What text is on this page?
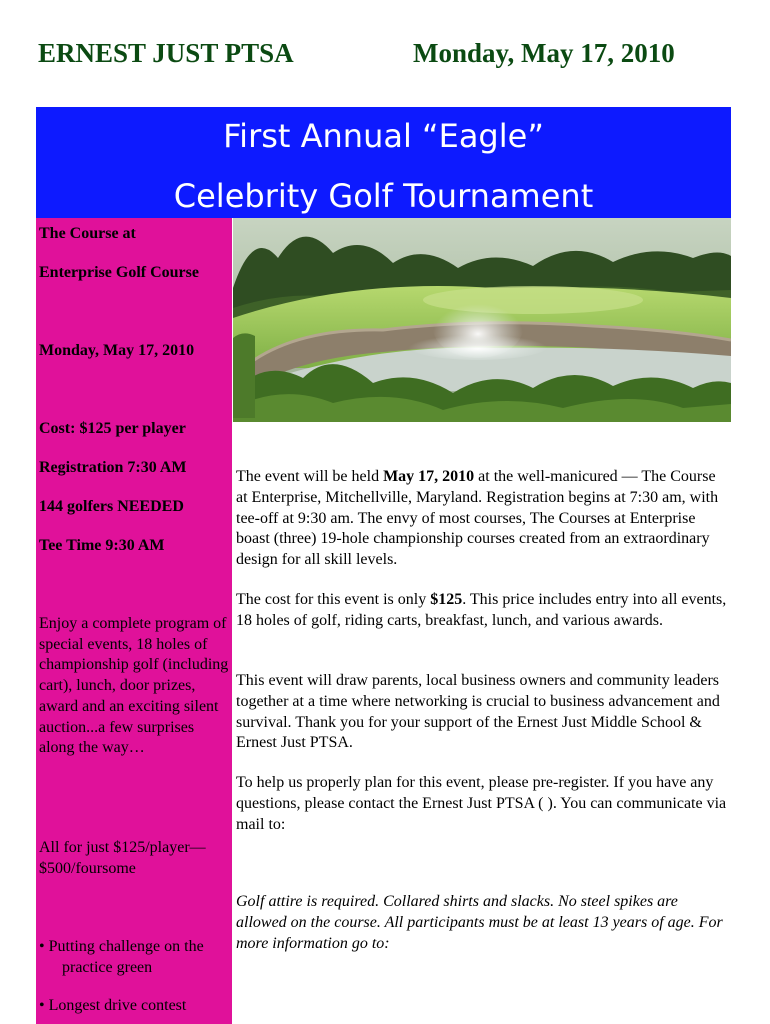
ERNEST JUST PTSA	Monday, May 17, 2010
First Annual “Eagle”
Celebrity Golf Tournament
The Course at
Enterprise Golf Course
Monday, May 17, 2010
Cost: $125 per player
Registration 7:30 AM
144 golfers NEEDED
Tee Time 9:30 AM
Enjoy a complete program of special events, 18 holes of championship golf (including cart), lunch, door prizes, award and an exciting silent auction...a few surprises along the way…
All for just $125/player—$500/foursome
• Putting challenge on the
practice green
• Longest drive contest
The event will be held May 17, 2010 at the well-manicured — The Course at Enterprise, Mitchellville, Maryland. Registration begins at 7:30 am, with tee-off at 9:30 am. The envy of most courses, The Courses at Enterprise boast (three) 19-hole championship courses created from an extraordinary design for all skill levels.
The cost for this event is only $125. This price includes entry into all events, 18 holes of golf, riding carts, breakfast, lunch, and various awards.
This event will draw parents, local business owners and community leaders together at a time where networking is crucial to business advancement and survival. Thank you for your support of the Ernest Just Middle School & Ernest Just PTSA.
To help us properly plan for this event, please pre-register. If you have any questions, please contact the Ernest Just PTSA ( ). You can communicate via mail to:
Golf attire is required. Collared shirts and slacks. No steel spikes are allowed on the course. All participants must be at least 13 years of age. For more information go to:
